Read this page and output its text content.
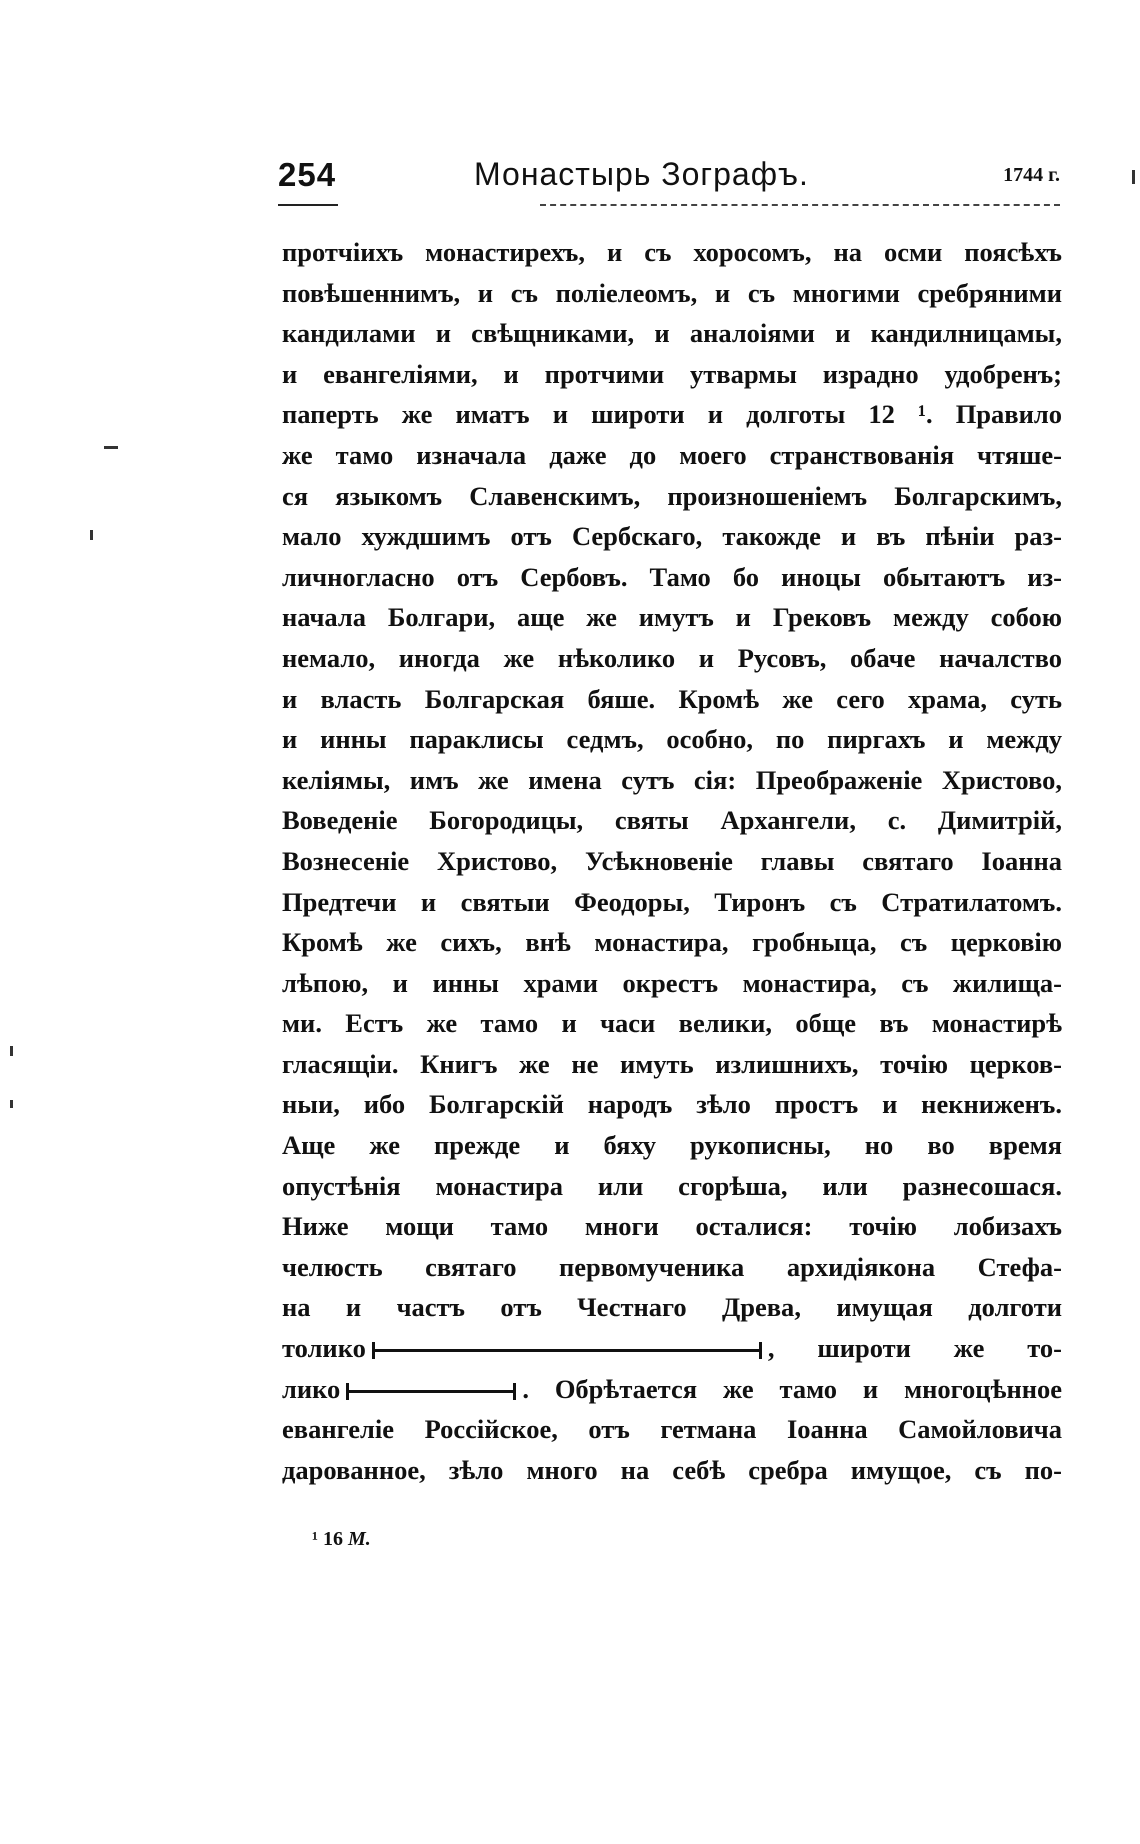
254	Монастырь Зографъ.	1744 г.
протчіихъ монастирехъ, и съ хоросомъ, на осми поясѣхъ
повѣшеннимъ, и съ поліелеомъ, и съ многими сребряними
кандилами и свѣщниками, и аналоіями и кандилницамы,
и евангеліями, и протчими утвармы израдно удобренъ;
паперть же иматъ и широти и долготы 12 ¹. Правило
же тамо изначала даже до моего странствованія чтяше-
ся языкомъ Славенскимъ, произношеніемъ Болгарскимъ,
мало хуждшимъ отъ Сербскаго, такожде и въ пѣніи раз-
личногласно отъ Сербовъ. Тамо бо иноцы обытаютъ из-
начала Болгари, аще же имутъ и Грековъ между собою
немало, иногда же нѣколико и Русовъ, обаче началство
и власть Болгарская бяше. Кромѣ же сего храма, суть
и инны параклисы седмъ, особно, по пиргахъ и между
келіямы, имъ же имена сутъ сія: Преображеніе Христово,
Воведеніе Богородицы, святы Архангели, с. Димитрій,
Вознесеніе Христово, Усѣкновеніе главы святаго Іоанна
Предтечи и святыи Феодоры, Тиронъ съ Стратилатомъ.
Кромѣ же сихъ, внѣ монастира, гробныца, съ церковію
лѣпою, и инны храми окрестъ монастира, съ жилища-
ми. Естъ же тамо и часи велики, обще въ монастирѣ
гласящіи. Книгъ же не имуть излишнихъ, точію церков-
ныи, ибо Болгарскій народъ зѣло простъ и некниженъ.
Аще же прежде и бяху рукописны, но во время
опустѣнія монастира или сгорѣша, или разнесошася.
Ниже мощи тамо многи осталися: точію лобизахъ
челюсть святаго первомученика архидіякона Стефа-
на и частъ отъ Честнаго Древа, имущая долготи
толико	, широти же то-
лико	. Обрѣтается же тамо и многоцѣнное
евангеліе Россійское, отъ гетмана Іоанна Самойловича
дарованное, зѣло много на себѣ сребра имущое, съ по-
¹ 16 М.
